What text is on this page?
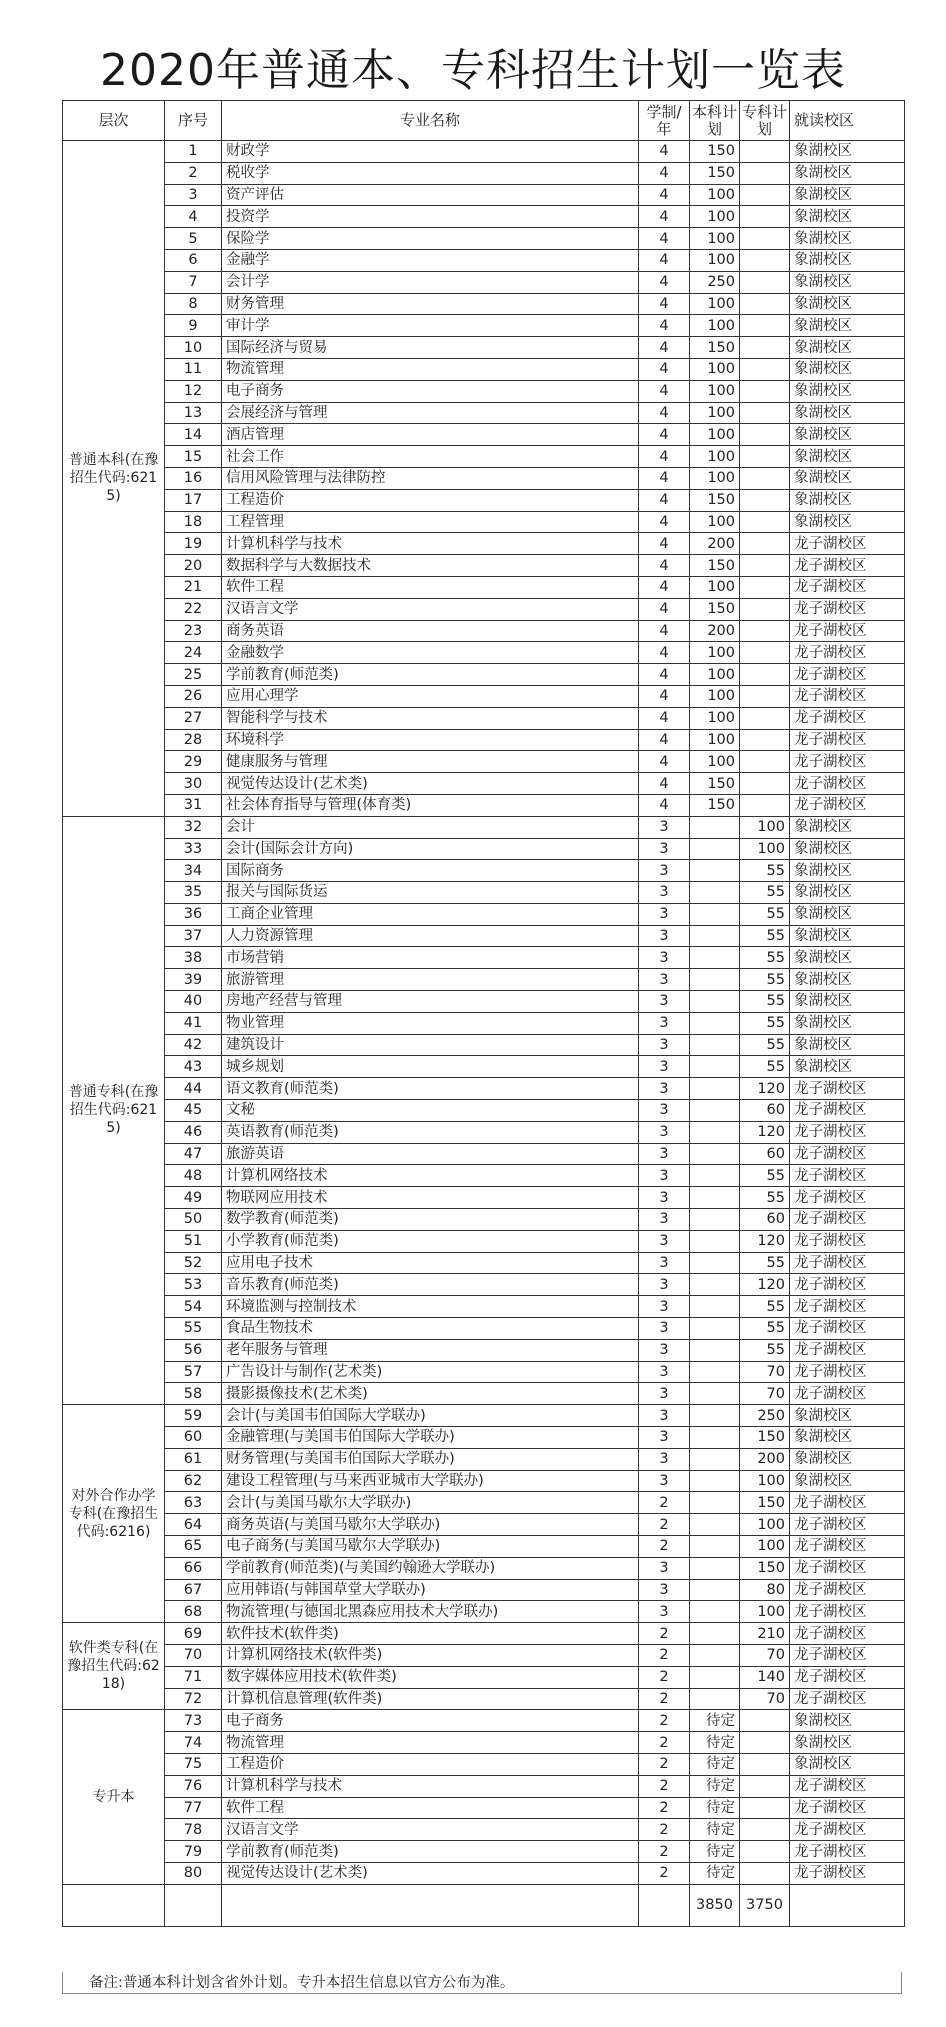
2020年普通本、专科招生计划一览表
层次	序号	专业名称	学制/年	本科计划	专科计划	就读校区
普通本科(在豫招生代码:6215)	1	财政学	4	150		象湖校区
	2	税收学	4	150		象湖校区
	3	资产评估	4	100		象湖校区
	4	投资学	4	100		象湖校区
	5	保险学	4	100		象湖校区
	6	金融学	4	100		象湖校区
	7	会计学	4	250		象湖校区
	8	财务管理	4	100		象湖校区
	9	审计学	4	100		象湖校区
	10	国际经济与贸易	4	150		象湖校区
	11	物流管理	4	100		象湖校区
	12	电子商务	4	100		象湖校区
	13	会展经济与管理	4	100		象湖校区
	14	酒店管理	4	100		象湖校区
	15	社会工作	4	100		象湖校区
	16	信用风险管理与法律防控	4	100		象湖校区
	17	工程造价	4	150		象湖校区
	18	工程管理	4	100		象湖校区
	19	计算机科学与技术	4	200		龙子湖校区
	20	数据科学与大数据技术	4	150		龙子湖校区
	21	软件工程	4	100		龙子湖校区
	22	汉语言文学	4	150		龙子湖校区
	23	商务英语	4	200		龙子湖校区
	24	金融数学	4	100		龙子湖校区
	25	学前教育(师范类)	4	100		龙子湖校区
	26	应用心理学	4	100		龙子湖校区
	27	智能科学与技术	4	100		龙子湖校区
	28	环境科学	4	100		龙子湖校区
	29	健康服务与管理	4	100		龙子湖校区
	30	视觉传达设计(艺术类)	4	150		龙子湖校区
	31	社会体育指导与管理(体育类)	4	150		龙子湖校区
普通专科(在豫招生代码:6215)	32	会计	3		100	象湖校区
	33	会计(国际会计方向)	3		100	象湖校区
	34	国际商务	3		55	象湖校区
	35	报关与国际货运	3		55	象湖校区
	36	工商企业管理	3		55	象湖校区
	37	人力资源管理	3		55	象湖校区
	38	市场营销	3		55	象湖校区
	39	旅游管理	3		55	象湖校区
	40	房地产经营与管理	3		55	象湖校区
	41	物业管理	3		55	象湖校区
	42	建筑设计	3		55	象湖校区
	43	城乡规划	3		55	象湖校区
	44	语文教育(师范类)	3		120	龙子湖校区
	45	文秘	3		60	龙子湖校区
	46	英语教育(师范类)	3		120	龙子湖校区
	47	旅游英语	3		60	龙子湖校区
	48	计算机网络技术	3		55	龙子湖校区
	49	物联网应用技术	3		55	龙子湖校区
	50	数学教育(师范类)	3		60	龙子湖校区
	51	小学教育(师范类)	3		120	龙子湖校区
	52	应用电子技术	3		55	龙子湖校区
	53	音乐教育(师范类)	3		120	龙子湖校区
	54	环境监测与控制技术	3		55	龙子湖校区
	55	食品生物技术	3		55	龙子湖校区
	56	老年服务与管理	3		55	龙子湖校区
	57	广告设计与制作(艺术类)	3		70	龙子湖校区
	58	摄影摄像技术(艺术类)	3		70	龙子湖校区
对外合作办学专科(在豫招生代码:6216)	59	会计(与美国韦伯国际大学联办)	3		250	象湖校区
	60	金融管理(与美国韦伯国际大学联办)	3		150	象湖校区
	61	财务管理(与美国韦伯国际大学联办)	3		200	象湖校区
	62	建设工程管理(与马来西亚城市大学联办)	3		100	象湖校区
	63	会计(与美国马歇尔大学联办)	2		150	龙子湖校区
	64	商务英语(与美国马歇尔大学联办)	2		100	龙子湖校区
	65	电子商务(与美国马歇尔大学联办)	2		100	龙子湖校区
	66	学前教育(师范类)(与美国约翰逊大学联办)	3		150	龙子湖校区
	67	应用韩语(与韩国草堂大学联办)	3		80	龙子湖校区
	68	物流管理(与德国北黑森应用技术大学联办)	3		100	龙子湖校区
软件类专科(在豫招生代码:6218)	69	软件技术(软件类)	2		210	龙子湖校区
	70	计算机网络技术(软件类)	2		70	龙子湖校区
	71	数字媒体应用技术(软件类)	2		140	龙子湖校区
	72	计算机信息管理(软件类)	2		70	龙子湖校区
专升本	73	电子商务	2	待定		象湖校区
	74	物流管理	2	待定		象湖校区
	75	工程造价	2	待定		象湖校区
	76	计算机科学与技术	2	待定		龙子湖校区
	77	软件工程	2	待定		龙子湖校区
	78	汉语言文学	2	待定		龙子湖校区
	79	学前教育(师范类)	2	待定		龙子湖校区
	80	视觉传达设计(艺术类)	2	待定		龙子湖校区
				3850	3750	
备注:普通本科计划含省外计划。专升本招生信息以官方公布为准。
